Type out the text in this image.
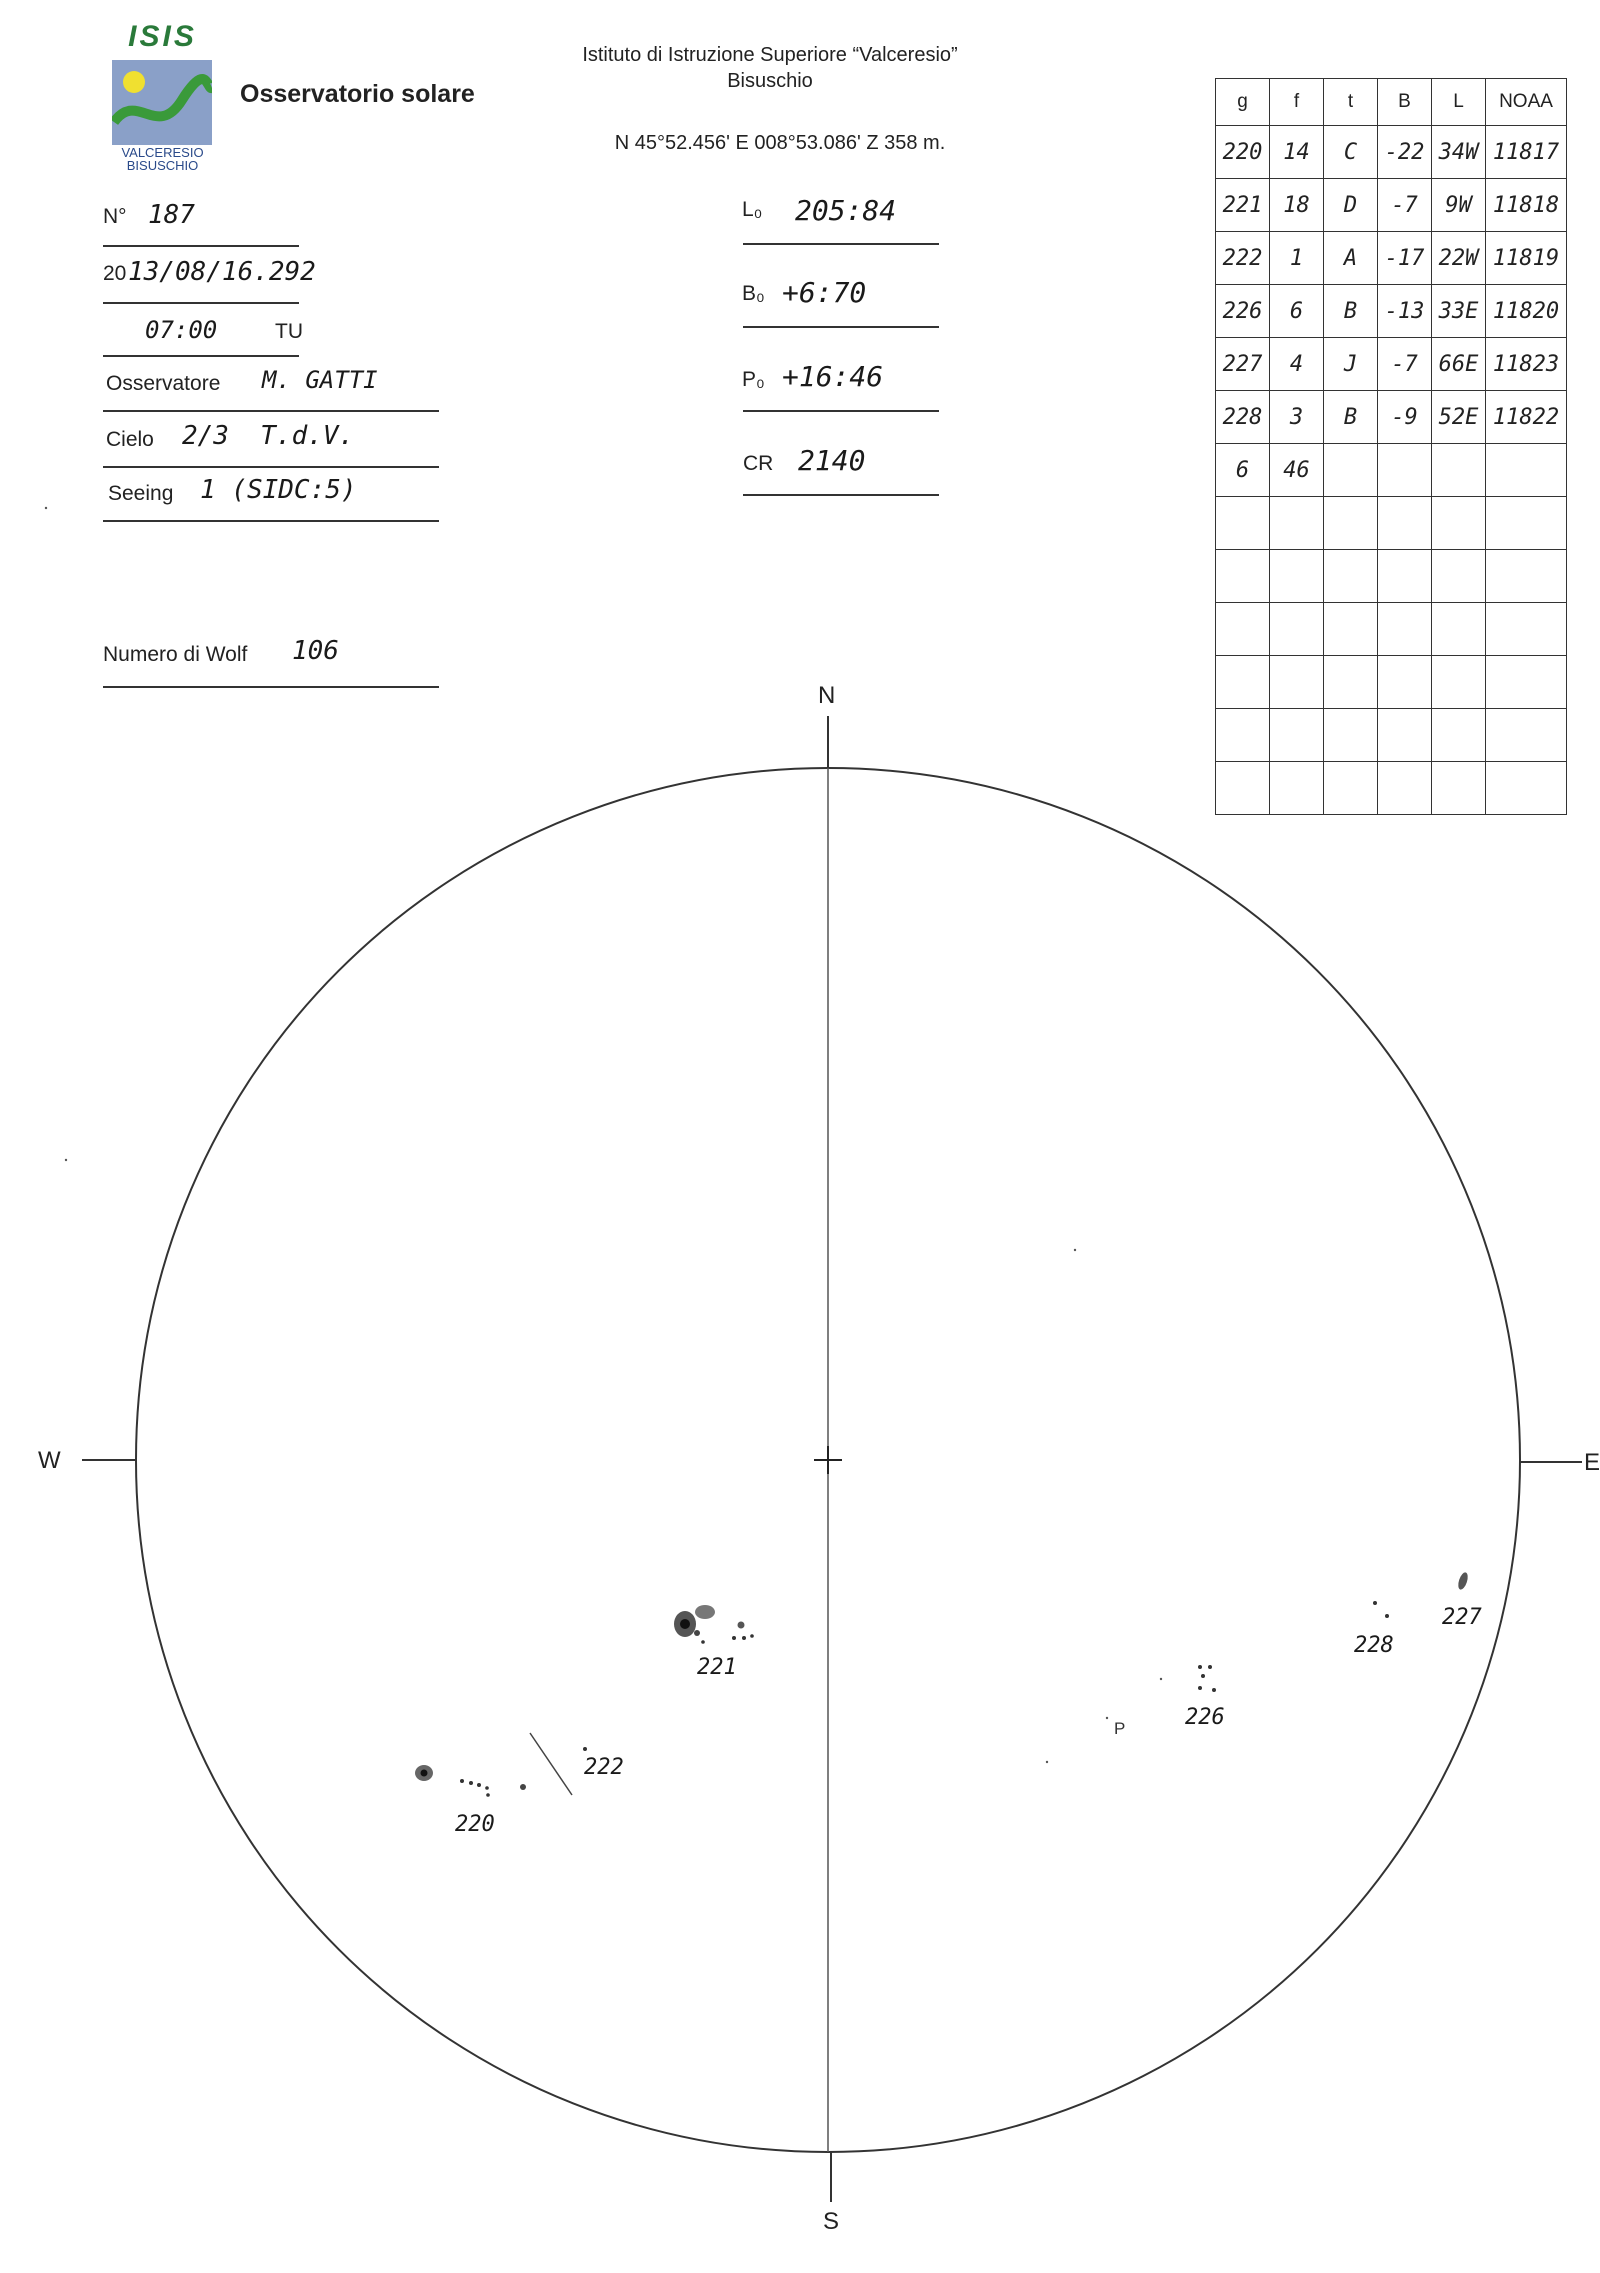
ISIS
VALCERESIO
BISUSCHIO
Osservatorio solare
Istituto di Istruzione Superiore “Valceresio”
Bisuschio
N 45°52.456' E 008°53.086' Z 358 m.
N° 187
20 13/08/16.292
07:00	TU
Osservatore M. GATTI
Cielo 2/3  T.d.V.
Seeing 1 (SIDC:5)
Numero di Wolf 106
L₀ 205:84
B₀ +6:70
P₀ +16:46
CR 2140
g	f	t	B	L	NOAA
220	14	C	-22	34W	11817
221	18	D	-7	9W	11818
222	1	A	-17	22W	11819
226	6	B	-13	33E	11820
227	4	J	-7	66E	11823
228	3	B	-9	52E	11822
6	46				

N
S
W	E
221
222
220
226
227
228
P
